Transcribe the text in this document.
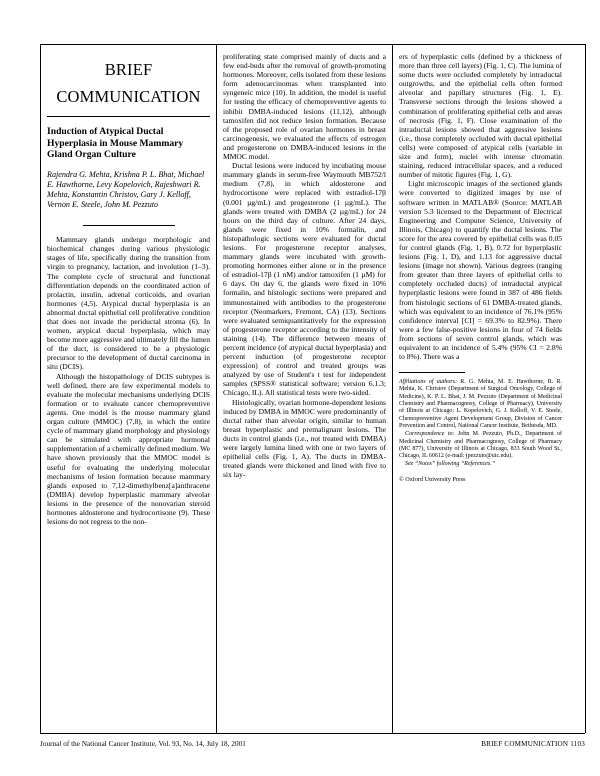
BRIEF
COMMUNICATION
Induction of Atypical Ductal Hyperplasia in Mouse Mammary Gland Organ Culture
Rajendra G. Mehta, Krishna P. L. Bhat, Michael E. Hawthorne, Levy Kopelovich, Rajeshwari R. Mehta, Konstantin Christov, Gary J. Kelloff, Vernon E. Steele, John M. Pezzuto

Mammary glands undergo morphologic and biochemical changes during various physiologic stages of life, specifically during the transition from virgin to pregnancy, lactation, and involution (1–3). The complete cycle of structural and functional differentiation depends on the coordinated action of prolactin, insulin, adrenal corticoids, and ovarian hormones (4,5). Atypical ductal hyperplasia is an abnormal ductal epithelial cell proliferative condition that does not invade the periductal stroma (6). In women, atypical ductal hyperplasia, which may become more aggressive and ultimately fill the lumen of the duct, is considered to be a physiologic precursor to the development of ductal carcinoma in situ (DCIS).

Although the histopathology of DCIS subtypes is well defined, there are few experimental models to evaluate the molecular mechanisms underlying DCIS formation or to evaluate cancer chemopreventive agents. One model is the mouse mammary gland organ culture (MMOC) (7,8), in which the entire cycle of mammary gland morphology and physiology can be simulated with appropriate hormonal supplementation of a chemically defined medium. We have shown previously that the MMOC model is useful for evaluating the underlying molecular mechanisms of lesion formation because mammary glands exposed to 7,12-dimethylbenz[a]anthracene (DMBA) develop hyperplastic mammary alveolar lesions in the presence of the nonovarian steroid hormones aldosterone and hydrocortisone (9). These lesions do not regress to the non-

proliferating state comprised mainly of ducts and a few end-buds after the removal of growth-promoting hormones. Moreover, cells isolated from these lesions form adenocarcinomas when transplanted into syngeneic mice (10). In addition, the model is useful for testing the efficacy of chemopreventive agents to inhibit DMBA-induced lesions (11,12), although tamoxifen did not reduce lesion formation. Because of the proposed role of ovarian hormones in breast carcinogenesis, we evaluated the effects of estrogen and progesterone on DMBA-induced lesions in the MMOC model.

Ductal lesions were induced by incubating mouse mammary glands in serum-free Waymouth MB752/l medium (7,8), in which aldosterone and hydrocortisone were replaced with estradiol-17β (0.001 µg/mL) and progesterone (1 µg/mL). The glands were treated with DMBA (2 µg/mL) for 24 hours on the third day of culture. After 24 days, glands were fixed in 10% formalin, and histopathologic sections were evaluated for ductal lesions. For progesterone receptor analyses, mammary glands were incubated with growth-promoting hormones either alone or in the presence of estradiol-17β (1 nM) and/or tamoxifen (1 µM) for 6 days. On day 6, the glands were fixed in 10% formalin, and histologic sections were prepared and immunostained with antibodies to the progesterone receptor (Neomarkers, Fremont, CA) (13). Sections were evaluated semiquantitatively for the expression of progesterone receptor according to the intensity of staining (14). The difference between means of percent incidence (of atypical ductal hyperplasia) and percent induction (of progesterone receptor expression) of control and treated groups was analyzed by use of Student's t test for independent samples (SPSS® statistical software; version 6.1.3; Chicago, IL). All statistical tests were two-sided.

Histologically, ovarian hormone-dependent lesions induced by DMBA in MMOC were predominantly of ductal rather than alveolar origin, similar to human breast hyperplastic and premalignant lesions. The ducts in control glands (i.e., not treated with DMBA) were largely lumina lined with one or two layers of epithelial cells (Fig. 1, A). The ducts in DMBA-treated glands were thickened and lined with five to six lay-

ers of hyperplastic cells (defined by a thickness of more than three cell layers) (Fig. 1, C). The lumina of some ducts were occluded completely by intraductal outgrowths, and the epithelial cells often formed alveolar and papillary structures (Fig. 1, E). Transverse sections through the lesions showed a combination of proliferating epithelial cells and areas of necrosis (Fig. 1, F). Close examination of the intraductal lesions showed that aggressive lesions (i.e., those completely occluded with ductal epithelial cells) were composed of atypical cells (variable in size and form), nuclei with intense chromatin staining, reduced intracellular spaces, and a reduced number of mitotic figures (Fig. 1, G).

Light microscopic images of the sectioned glands were converted to digitized images by use of software written in MATLAB® (Source: MATLAB version 5.3 licensed to the Department of Electrical Engineering and Computer Science, University of Illinois, Chicago) to quantify the ductal lesions. The score for the area covered by epithelial cells was 0.05 for control glands (Fig. 1, B), 0.72 for hyperplastic lesions (Fig. 1, D), and 1.13 for aggressive ductal lesions (image not shown). Various degrees (ranging from greater than three layers of epithelial cells to completely occluded ducts) of intraductal atypical hyperplastic lesions were found in 387 of 486 fields from histologic sections of 61 DMBA-treated glands, which was equivalent to an incidence of 76.1% (95% confidence interval [CI] = 69.3% to 82.9%). There were a few false-positive lesions in four of 74 fields from sections of seven control glands, which was equivalent to an incidence of 5.4% (95% CI = 2.8% to 8%). There was a

Affiliations of authors: R. G. Mehta, M. E. Hawthorne, R. R. Mehta, K. Christov (Department of Surgical Oncology, College of Medicine), K. P. L. Bhat, J. M. Pezzuto (Department of Medicinal Chemistry and Pharmacognosy, College of Pharmacy), University of Illinois at Chicago; L. Kopelovich, G. J. Kelloff, V. E. Steele, Chemopreventive Agent Development Group, Division of Cancer Prevention and Control, National Cancer Institute, Bethesda, MD.

Correspondence to: John M. Pezzuto, Ph.D., Department of Medicinal Chemistry and Pharmacognosy, College of Pharmacy (MC 877), University of Illinois at Chicago, 833 South Wood St., Chicago, IL 60612 (e-mail: jpezzuto@uic.edu).

See “Notes” following “References.”

© Oxford University Press
Journal of the National Cancer Institute, Vol. 93, No. 14, July 18, 2001	BRIEF COMMUNICATION 1103
